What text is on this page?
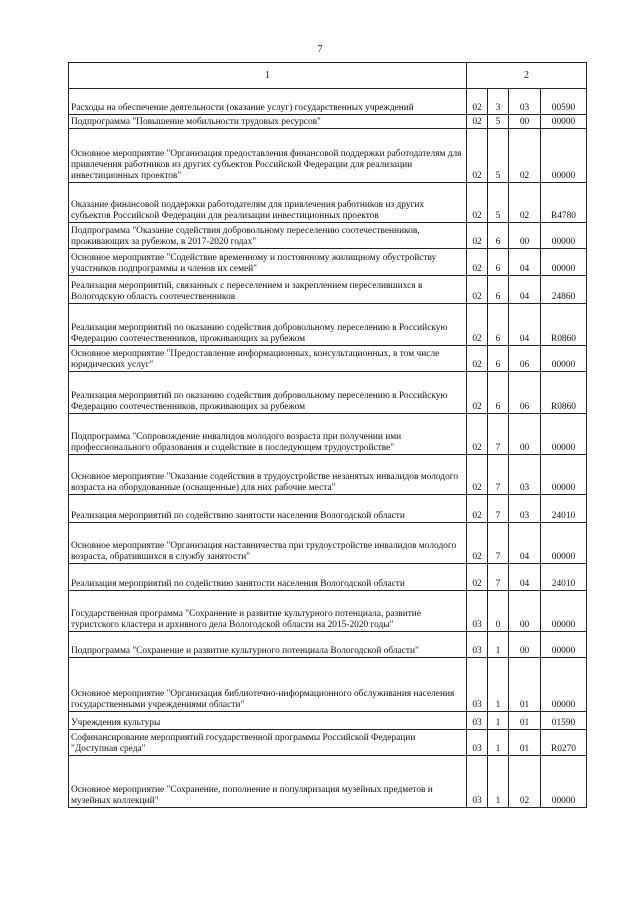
7
1	2			
Расходы на обеспечение деятельности (оказание услуг) государственных учреждений	02	3	03	00590
Подпрограмма "Повышение мобильности трудовых ресурсов"	02	5	00	00000
Основное мероприятие "Организация предоставления финансовой поддержки работодателям для привлечения работников из других субъектов Российской Федерации для реализации инвестиционных проектов"	02	5	02	00000
Оказание финансовой поддержки работодателям для привлечения работников из других субъектов Российской Федерации для реализации инвестиционных проектов	02	5	02	R4780
Подпрограмма "Оказание содействия добровольному переселению соотечественников, проживающих за рубежом, в 2017-2020 годах"	02	6	00	00000
Основное мероприятие "Содействие временному и постоянному жилищному обустройству участников подпрограммы и членов их семей"	02	6	04	00000
Реализация мероприятий, связанных с переселением и закреплением переселившихся в Вологодскую область соотечественников	02	6	04	24860
Реализация мероприятий по оказанию содействия добровольному переселению в Российскую Федерацию соотечественников, проживающих за рубежом	02	6	04	R0860
Основное мероприятие "Предоставление информационных, консультационных, в том числе юридических услуг"	02	6	06	00000
Реализация мероприятий по оказанию содействия добровольному переселению в Российскую Федерацию соотечественников, проживающих за рубежом	02	6	06	R0860
Подпрограмма "Сопровождение инвалидов молодого возраста при получении ими профессионального образования и содействие в последующем трудоустройстве"	02	7	00	00000
Основное мероприятие "Оказание содействия в трудоустройстве незанятых инвалидов молодого возраста на оборудованные (оснащенные) для них рабочие места"	02	7	03	00000
Реализация мероприятий по содействию занятости населения Вологодской области	02	7	03	24010
Основное мероприятие "Организация наставничества при трудоустройстве инвалидов молодого возраста, обратившихся в службу занятости"	02	7	04	00000
Реализация мероприятий по содействию занятости населения Вологодской области	02	7	04	24010
Государственная программа "Сохранение и развитие культурного потенциала, развитие туристского кластера и архивного дела Вологодской области на 2015-2020 годы"	03	0	00	00000
Подпрограмма "Сохранение и развитие культурного потенциала Вологодской области"	03	1	00	00000
Основное мероприятие "Организация библиотечно-информационного обслуживания населения государственными учреждениями области"	03	1	01	00000
Учреждения культуры	03	1	01	01590
Софинансирование мероприятий государственной программы Российской Федерации "Доступная среда"	03	1	01	R0270
Основное мероприятие "Сохранение, пополнение и популяризация музейных предметов и музейных коллекций"	03	1	02	00000
